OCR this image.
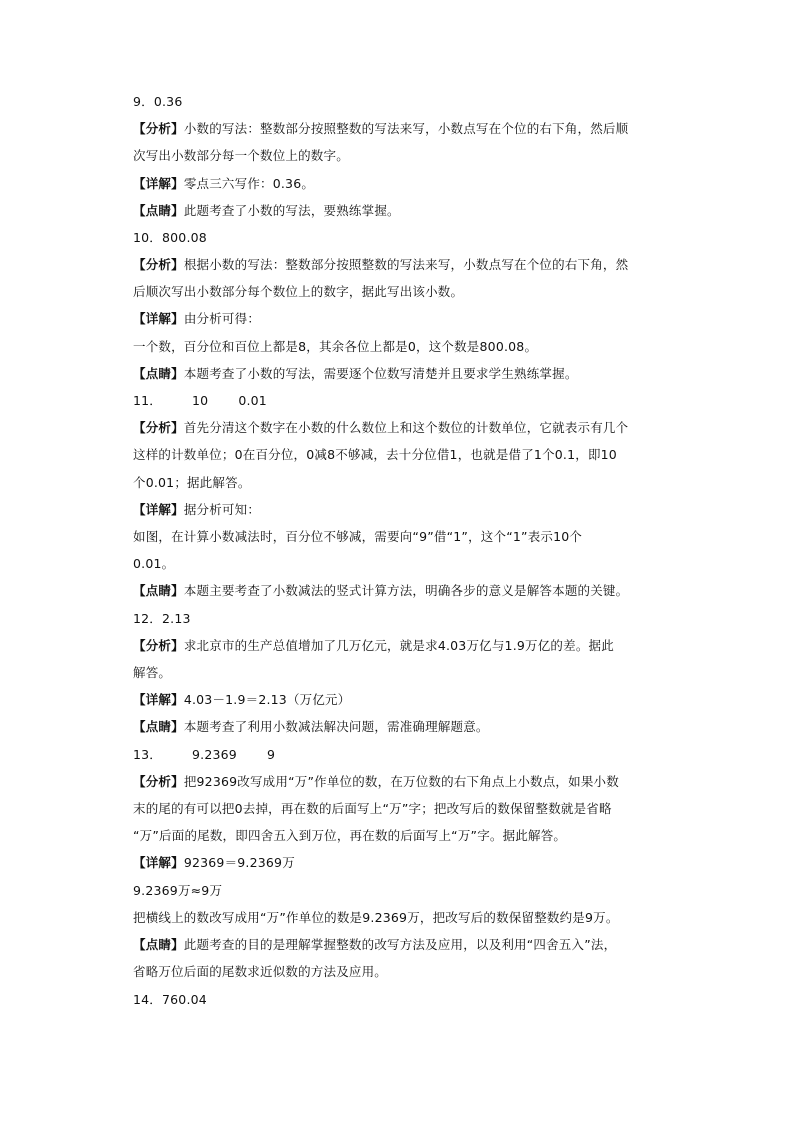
9．0.36
【分析】小数的写法：整数部分按照整数的写法来写，小数点写在个位的右下角，然后顺
次写出小数部分每一个数位上的数字。
【详解】零点三六写作：0.36。
【点睛】此题考查了小数的写法，要熟练掌握。
10．800.08
【分析】根据小数的写法：整数部分按照整数的写法来写，小数点写在个位的右下角，然
后顺次写出小数部分每个数位上的数字，据此写出该小数。
【详解】由分析可得：
一个数，百分位和百位上都是8，其余各位上都是0，这个数是800.08。
【点睛】本题考查了小数的写法，需要逐个位数写清楚并且要求学生熟练掌握。
11． 10 0.01
【分析】首先分清这个数字在小数的什么数位上和这个数位的计数单位，它就表示有几个
这样的计数单位；0在百分位，0减8不够减，去十分位借1，也就是借了1个0.1，即10
个0.01；据此解答。
【详解】据分析可知：
如图，在计算小数减法时，百分位不够减，需要向“9”借“1”，这个“1”表示10个
0.01。
【点睛】本题主要考查了小数减法的竖式计算方法，明确各步的意义是解答本题的关键。
12．2.13
【分析】求北京市的生产总值增加了几万亿元，就是求4.03万亿与1.9万亿的差。据此
解答。
【详解】4.03－1.9＝2.13（万亿元）
【点睛】本题考查了利用小数减法解决问题，需准确理解题意。
13． 9.2369 9
【分析】把92369改写成用“万”作单位的数，在万位数的右下角点上小数点，如果小数
末的尾的有可以把0去掉，再在数的后面写上“万”字；把改写后的数保留整数就是省略
“万”后面的尾数，即四舍五入到万位，再在数的后面写上“万”字。据此解答。
【详解】92369＝9.2369万
9.2369万≈9万
把横线上的数改写成用“万”作单位的数是9.2369万，把改写后的数保留整数约是9万。
【点睛】此题考查的目的是理解掌握整数的改写方法及应用，以及利用“四舍五入”法，
省略万位后面的尾数求近似数的方法及应用。
14．760.04
